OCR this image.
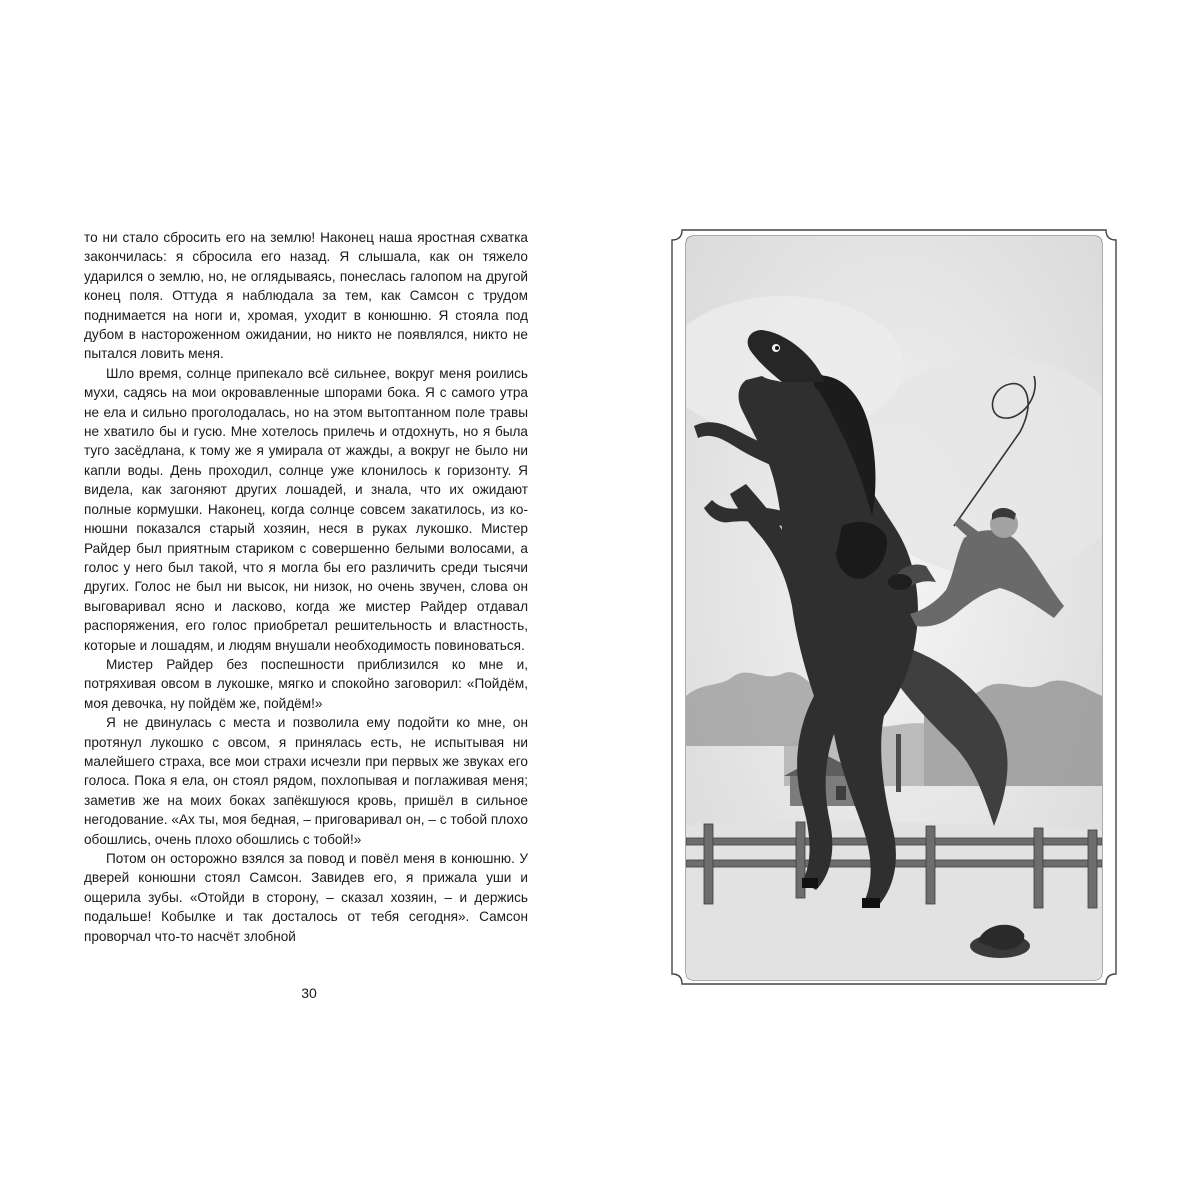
то ни стало сбросить его на землю! Наконец наша яростная схватка закончилась: я сбросила его назад. Я слышала, как он тяжело ударился о землю, но, не оглядываясь, понеслась галопом на другой конец поля. Оттуда я наблюдала за тем, как Самсон с трудом поднимается на ноги и, хромая, уходит в конюшню. Я стояла под дубом в настороженном ожидании, но никто не появлялся, никто не пытался ловить меня.

Шло время, солнце припекало всё сильнее, вокруг меня роились мухи, садясь на мои окровавленные шпорами бока. Я с самого утра не ела и сильно проголодалась, но на этом вытоптанном поле травы не хватило бы и гусю. Мне хотелось прилечь и отдохнуть, но я была туго засёдлана, к тому же я умирала от жажды, а вокруг не было ни капли воды. День проходил, солнце уже клонилось к горизонту. Я видела, как загоняют других лошадей, и знала, что их ожидают полные кормушки. Наконец, когда солнце совсем закатилось, из конюшни показался старый хозяин, неся в руках лукошко. Мистер Райдер был приятным стариком с совершенно белыми волосами, а голос у него был такой, что я могла бы его различить среди тысячи других. Голос не был ни высок, ни низок, но очень звучен, слова он выговаривал ясно и ласково, когда же мистер Райдер отдавал распоряжения, его голос приобретал решительность и властность, которые и лошадям, и людям внушали необходимость повиноваться.

Мистер Райдер без поспешности приблизился ко мне и, потряхивая овсом в лукошке, мягко и спокойно заговорил: «Пойдём, моя девочка, ну пойдём же, пойдём!»

Я не двинулась с места и позволила ему подойти ко мне, он протянул лукошко с овсом, я принялась есть, не испытывая ни малейшего страха, все мои страхи исчезли при первых же звуках его голоса. Пока я ела, он стоял рядом, похлопывая и поглаживая меня; заметив же на моих боках запёкшуюся кровь, пришёл в сильное негодование. «Ах ты, моя бедная, – приговаривал он, – с тобой плохо обошлись, очень плохо обошлись с тобой!»

Потом он осторожно взялся за повод и повёл меня в конюшню. У дверей конюшни стоял Самсон. Завидев его, я прижала уши и ощерила зубы. «Отойди в сторону, – сказал хозяин, – и держись подальше! Кобылке и так досталось от тебя сегодня». Самсон проворчал что-то насчёт злобной

30
